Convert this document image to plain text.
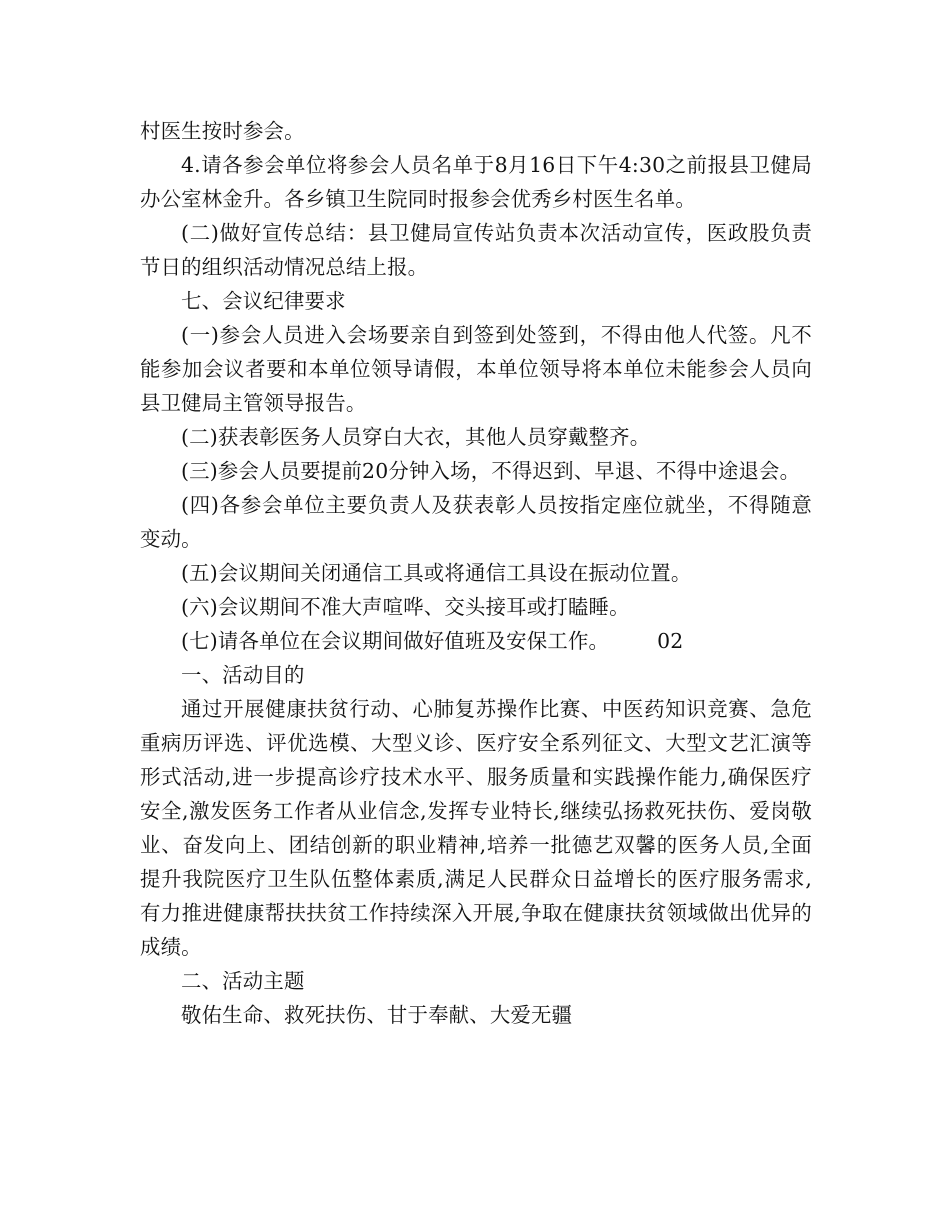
村医生按时参会。

4.请各参会单位将参会人员名单于8月16日下午4:30之前报县卫健局办公室林金升。各乡镇卫生院同时报参会优秀乡村医生名单。

(二)做好宣传总结：县卫健局宣传站负责本次活动宣传，医政股负责节日的组织活动情况总结上报。

七、会议纪律要求

(一)参会人员进入会场要亲自到签到处签到，不得由他人代签。凡不能参加会议者要和本单位领导请假，本单位领导将本单位未能参会人员向县卫健局主管领导报告。

(二)获表彰医务人员穿白大衣，其他人员穿戴整齐。

(三)参会人员要提前20分钟入场，不得迟到、早退、不得中途退会。

(四)各参会单位主要负责人及获表彰人员按指定座位就坐，不得随意变动。

(五)会议期间关闭通信工具或将通信工具设在振动位置。

(六)会议期间不准大声喧哗、交头接耳或打瞌睡。

(七)请各单位在会议期间做好值班及安保工作。 02

一、活动目的

通过开展健康扶贫行动、心肺复苏操作比赛、中医药知识竞赛、急危重病历评选、评优选模、大型义诊、医疗安全系列征文、大型文艺汇演等形式活动,进一步提高诊疗技术水平、服务质量和实践操作能力,确保医疗安全,激发医务工作者从业信念,发挥专业特长,继续弘扬救死扶伤、爱岗敬业、奋发向上、团结创新的职业精神,培养一批德艺双馨的医务人员,全面提升我院医疗卫生队伍整体素质,满足人民群众日益增长的医疗服务需求,有力推进健康帮扶扶贫工作持续深入开展,争取在健康扶贫领域做出优异的成绩。

二、活动主题

敬佑生命、救死扶伤、甘于奉献、大爱无疆
